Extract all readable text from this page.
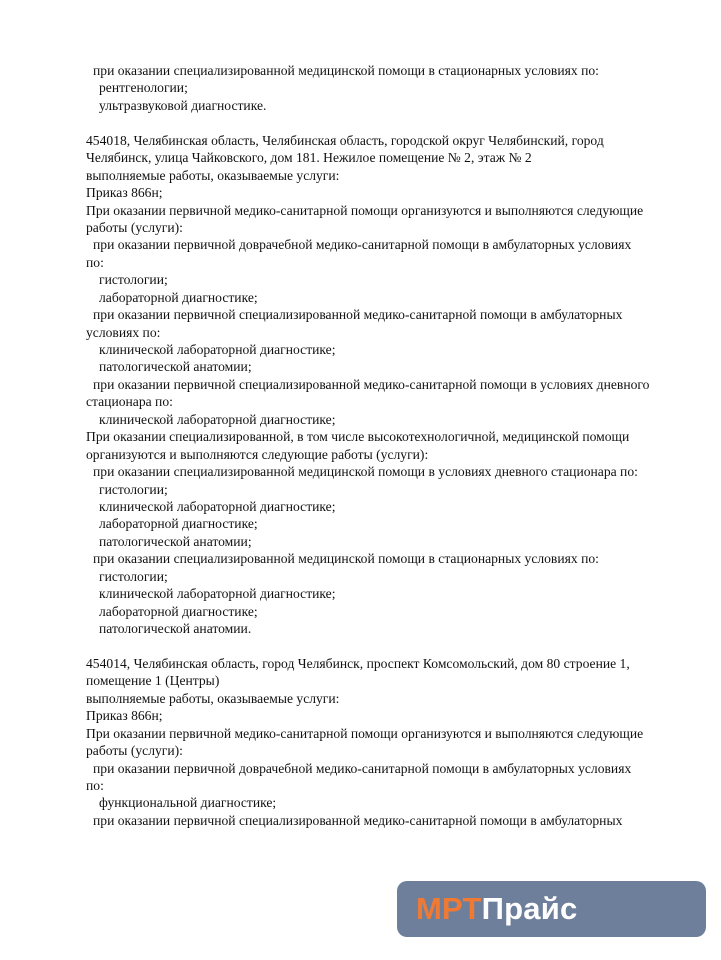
при оказании специализированной медицинской помощи в стационарных условиях по:
рентгенологии;
ультразвуковой диагностике.
454018, Челябинская область, Челябинская область, городской округ Челябинский, город
Челябинск, улица Чайковского, дом 181. Нежилое помещение № 2, этаж № 2
выполняемые работы, оказываемые услуги:
Приказ 866н;
При оказании первичной медико-санитарной помощи организуются и выполняются следующие
работы (услуги):
при оказании первичной доврачебной медико-санитарной помощи в амбулаторных условиях
по:
гистологии;
лабораторной диагностике;
при оказании первичной специализированной медико-санитарной помощи в амбулаторных
условиях по:
клинической лабораторной диагностике;
патологической анатомии;
при оказании первичной специализированной медико-санитарной помощи в условиях дневного
стационара по:
клинической лабораторной диагностике;
При оказании специализированной, в том числе высокотехнологичной, медицинской помощи
организуются и выполняются следующие работы (услуги):
при оказании специализированной медицинской помощи в условиях дневного стационара по:
гистологии;
клинической лабораторной диагностике;
лабораторной диагностике;
патологической анатомии;
при оказании специализированной медицинской помощи в стационарных условиях по:
гистологии;
клинической лабораторной диагностике;
лабораторной диагностике;
патологической анатомии.
454014, Челябинская область, город Челябинск, проспект Комсомольский, дом 80 строение 1,
помещение 1 (Центры)
выполняемые работы, оказываемые услуги:
Приказ 866н;
При оказании первичной медико-санитарной помощи организуются и выполняются следующие
работы (услуги):
при оказании первичной доврачебной медико-санитарной помощи в амбулаторных условиях
по:
функциональной диагностике;
при оказании первичной специализированной медико-санитарной помощи в амбулаторных
МРТПрайс
